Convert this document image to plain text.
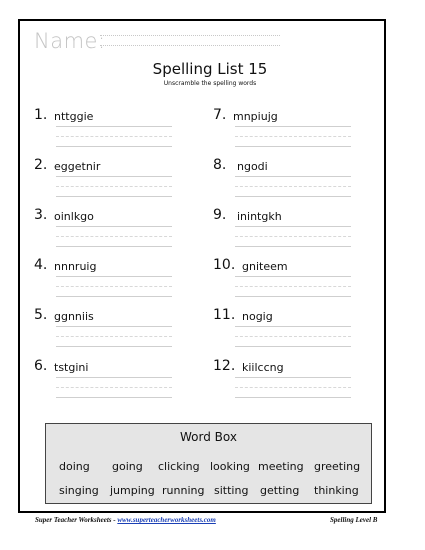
Name:
Spelling List 15
Unscramble the spelling words
1. nttggie
2. eggetnir
3. oinlkgo
4. nnnruig
5. ggnniis
6. tstgini
7. mnpiujg
8. ngodi
9. inintgkh
10. gniteem
11. nogig
12. kiilccng
Word Box
doing going clicking looking meeting greeting
singing jumping running sitting getting thinking
Super Teacher Worksheets - www.superteacherworksheets.com	Spelling Level B
